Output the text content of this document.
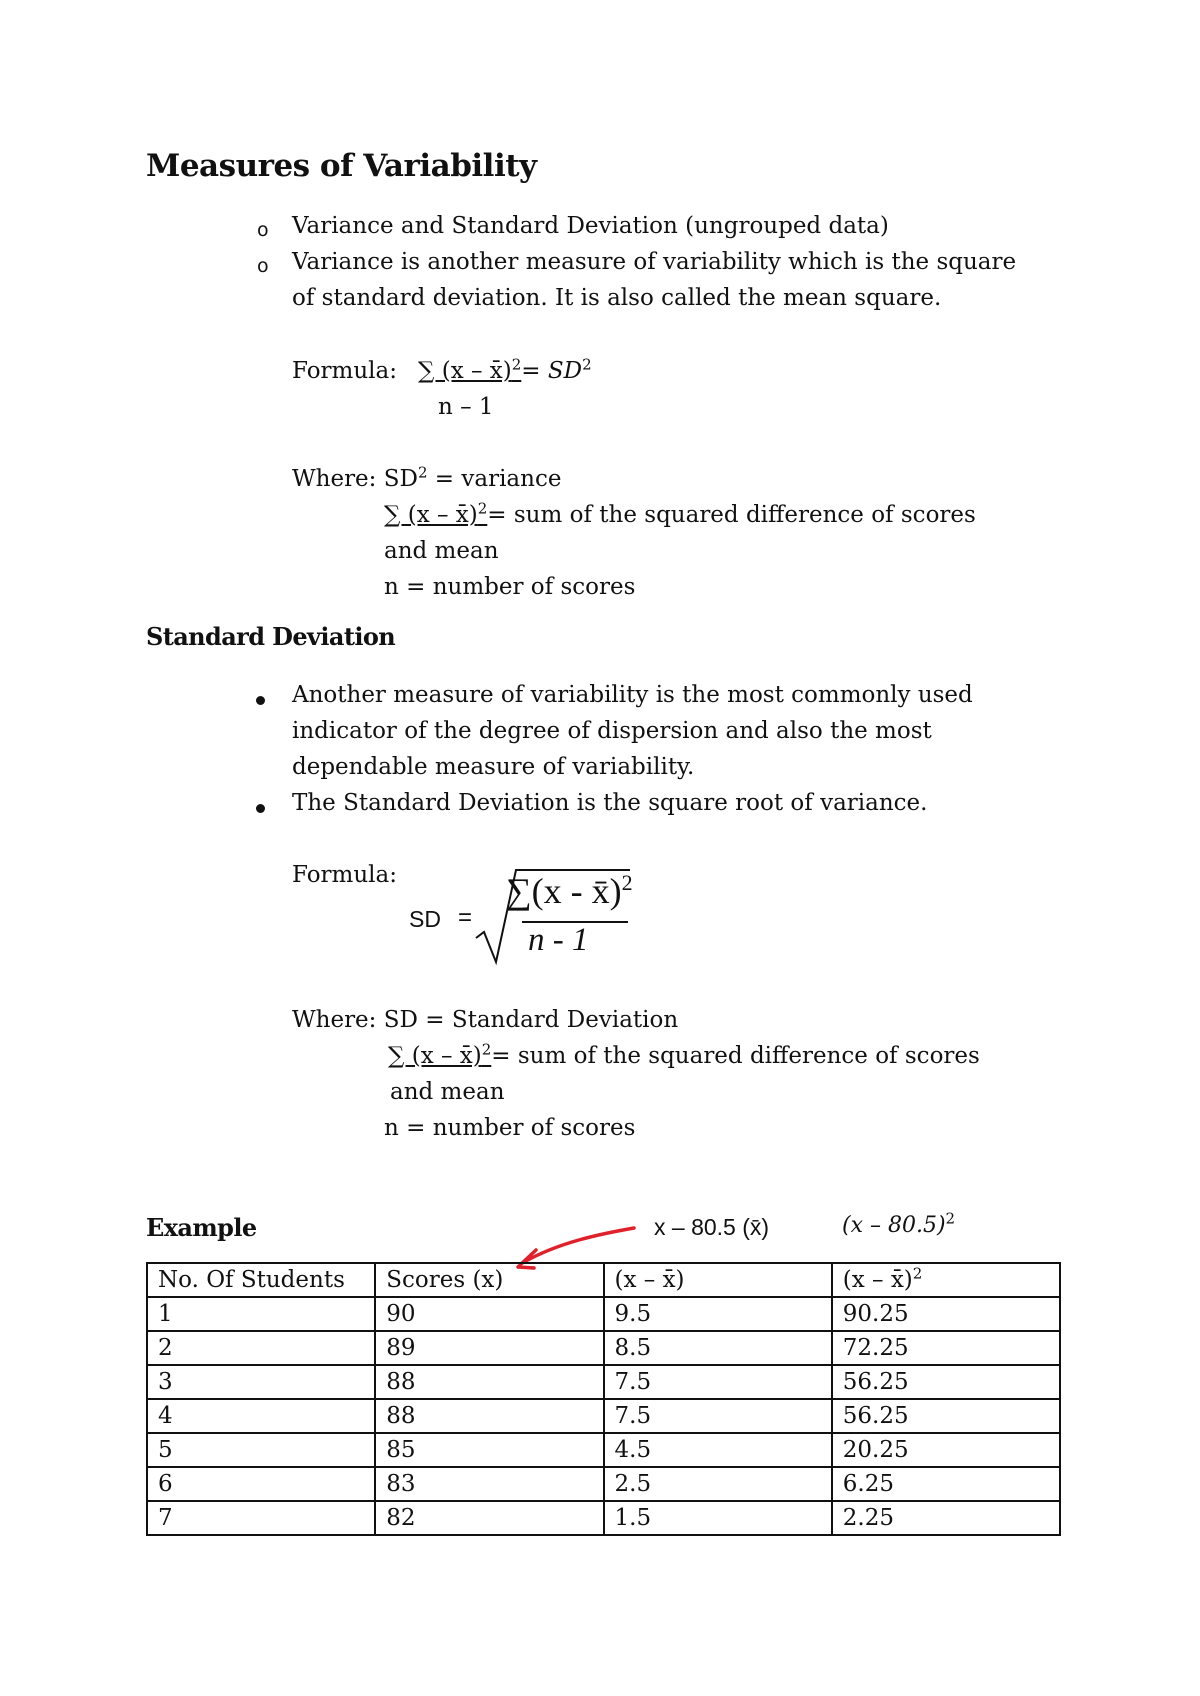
Measures of Variability
o Variance and Standard Deviation (ungrouped data)
o Variance is another measure of variability which is the square
of standard deviation. It is also called the mean square.
Formula: ∑ (x – x̄)$^2$= $SD^2$
n – 1
Where: $SD^2$ = variance
∑ (x – x̄)$^2$= sum of the squared difference of scores
and mean
n = number of scores
Standard Deviation
Another measure of variability is the most commonly used
indicator of the degree of dispersion and also the most
dependable measure of variability.
The Standard Deviation is the square root of variance.
Formula:
SD =
∑(x - x̄)$^2$
n - 1
Where: SD = Standard Deviation
∑ (x – x̄)$^2$= sum of the squared difference of scores
and mean
n = number of scores
Example	x – 80.5 (x̄)	(x – 80.5)$^2$
No. Of Students	Scores (x)	(x – x̄)	(x – x̄)$^2$
1	90	9.5	90.25
2	89	8.5	72.25
3	88	7.5	56.25
4	88	7.5	56.25
5	85	4.5	20.25
6	83	2.5	6.25
7	82	1.5	2.25
